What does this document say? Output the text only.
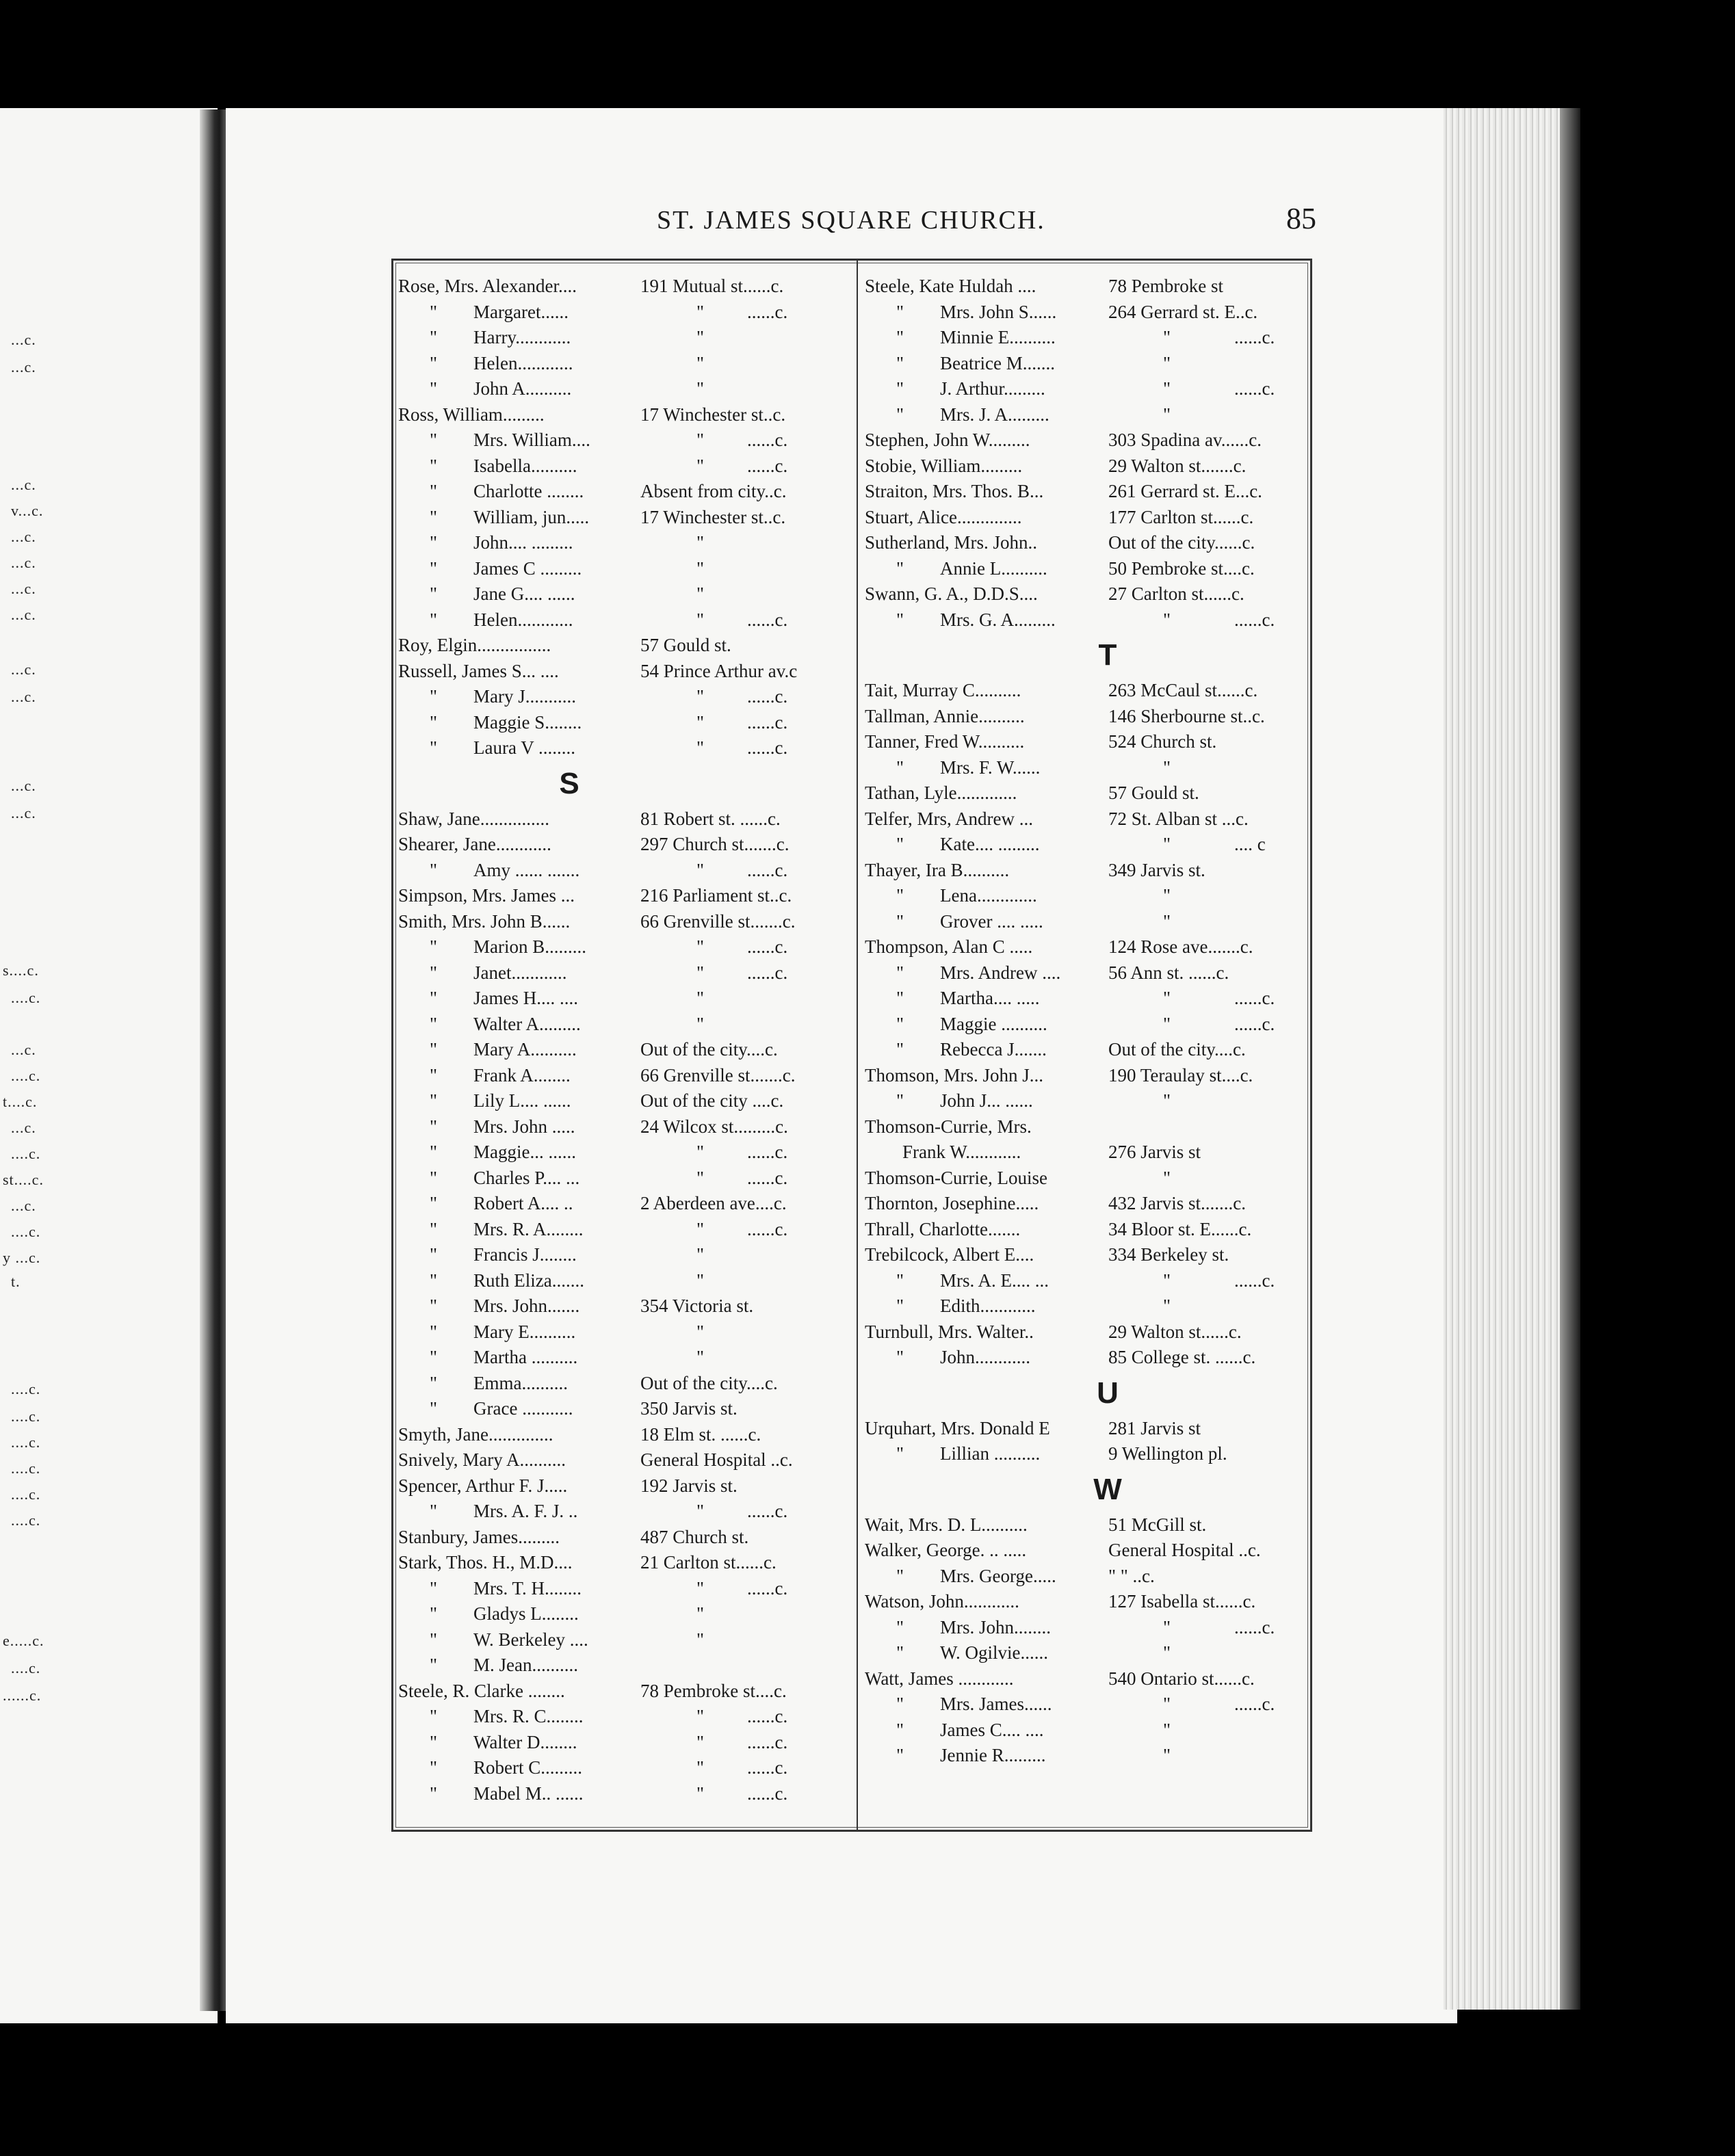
...c.
...c.
...c.
v...c.
...c.
...c.
...c.
...c.
...c.
...c.
...c.
...c.
s....c.
....c.
...c.
....c.
t....c.
...c.
....c.
st....c.
...c.
....c.
y ...c.
t.
....c.
....c.
....c.
....c.
....c.
....c.
e.....c.
....c.
......c.
ST. JAMES SQUARE CHURCH.	85
Rose, Mrs. Alexander....	191 Mutual st......c.
" Margaret......	" ......c.
" Harry............	"
" Helen............	"
" John A..........	"
Ross, William.........	17 Winchester st..c.
" Mrs. William....	" ......c.
" Isabella..........	" ......c.
" Charlotte ........	Absent from city..c.
" William, jun.....	17 Winchester st..c.
" John.... .........	"
" James C .........	"
" Jane G.... ......	"
" Helen............	" ......c.
Roy, Elgin................	57 Gould st.
Russell, James S... ....	54 Prince Arthur av.c
" Mary J...........	" ......c.
" Maggie S........	" ......c.
" Laura V ........	" ......c.
S
Shaw, Jane...............	81 Robert st. ......c.
Shearer, Jane............	297 Church st.......c.
" Amy ...... .......	" ......c.
Simpson, Mrs. James ...	216 Parliament st..c.
Smith, Mrs. John B......	66 Grenville st.......c.
" Marion B.........	" ......c.
" Janet............	" ......c.
" James H.... ....	"
" Walter A.........	"
" Mary A..........	Out of the city....c.
" Frank A........	66 Grenville st.......c.
" Lily L.... ......	Out of the city ....c.
" Mrs. John .....	24 Wilcox st.........c.
" Maggie... ......	" ......c.
" Charles P.... ...	" ......c.
" Robert A.... ..	2 Aberdeen ave....c.
" Mrs. R. A........	" ......c.
" Francis J........	"
" Ruth Eliza.......	"
" Mrs. John.......	354 Victoria st.
" Mary E..........	"
" Martha ..........	"
" Emma..........	Out of the city....c.
" Grace ...........	350 Jarvis st.
Smyth, Jane..............	18 Elm st. ......c.
Snively, Mary A..........	General Hospital ..c.
Spencer, Arthur F. J.....	192 Jarvis st.
" Mrs. A. F. J. ..	" ......c.
Stanbury, James.........	487 Church st.
Stark, Thos. H., M.D....	21 Carlton st......c.
" Mrs. T. H........	" ......c.
" Gladys L........	"
" W. Berkeley ....	"
" M. Jean..........
Steele, R. Clarke ........	78 Pembroke st....c.
" Mrs. R. C........	" ......c.
" Walter D........	" ......c.
" Robert C.........	" ......c.
" Mabel M.. ......	" ......c.
Steele, Kate Huldah ....	78 Pembroke st
" Mrs. John S......	264 Gerrard st. E..c.
" Minnie E..........	"	......c.
" Beatrice M.......	"
" J. Arthur.........	"	......c.
" Mrs. J. A.........	"
Stephen, John W.........	303 Spadina av......c.
Stobie, William.........	29 Walton st.......c.
Straiton, Mrs. Thos. B...	261 Gerrard st. E...c.
Stuart, Alice..............	177 Carlton st......c.
Sutherland, Mrs. John..	Out of the city......c.
" Annie L..........	50 Pembroke st....c.
Swann, G. A., D.D.S....	27 Carlton st......c.
" Mrs. G. A.........	"	......c.
T
Tait, Murray C..........	263 McCaul st......c.
Tallman, Annie..........	146 Sherbourne st..c.
Tanner, Fred W..........	524 Church st.
" Mrs. F. W......	"
Tathan, Lyle.............	57 Gould st.
Telfer, Mrs, Andrew ...	72 St. Alban st ...c.
" Kate.... .........	"	.... c
Thayer, Ira B..........	349 Jarvis st.
" Lena.............	"
" Grover .... .....	"
Thompson, Alan C .....	124 Rose ave.......c.
" Mrs. Andrew ....	56 Ann st. ......c.
" Martha.... .....	"	......c.
" Maggie ..........	"	......c.
" Rebecca J.......	Out of the city....c.
Thomson, Mrs. John J...	190 Teraulay st....c.
" John J... ......	"
Thomson-Currie, Mrs.
Frank W............	276 Jarvis st
Thomson-Currie, Louise	"
Thornton, Josephine.....	432 Jarvis st.......c.
Thrall, Charlotte.......	34 Bloor st. E......c.
Trebilcock, Albert E....	334 Berkeley st.
" Mrs. A. E.... ...	"	......c.
" Edith............	"
Turnbull, Mrs. Walter..	29 Walton st......c.
" John............	85 College st. ......c.
U
Urquhart, Mrs. Donald E	281 Jarvis st
" Lillian ..........	9 Wellington pl.
W
Wait, Mrs. D. L..........	51 McGill st.
Walker, George. .. .....	General Hospital ..c.
" Mrs. George.....	" " ..c.
Watson, John............	127 Isabella st......c.
" Mrs. John........	"	......c.
" W. Ogilvie......	"
Watt, James ............	540 Ontario st......c.
" Mrs. James......	"	......c.
" James C.... ....	"
" Jennie R.........	"
